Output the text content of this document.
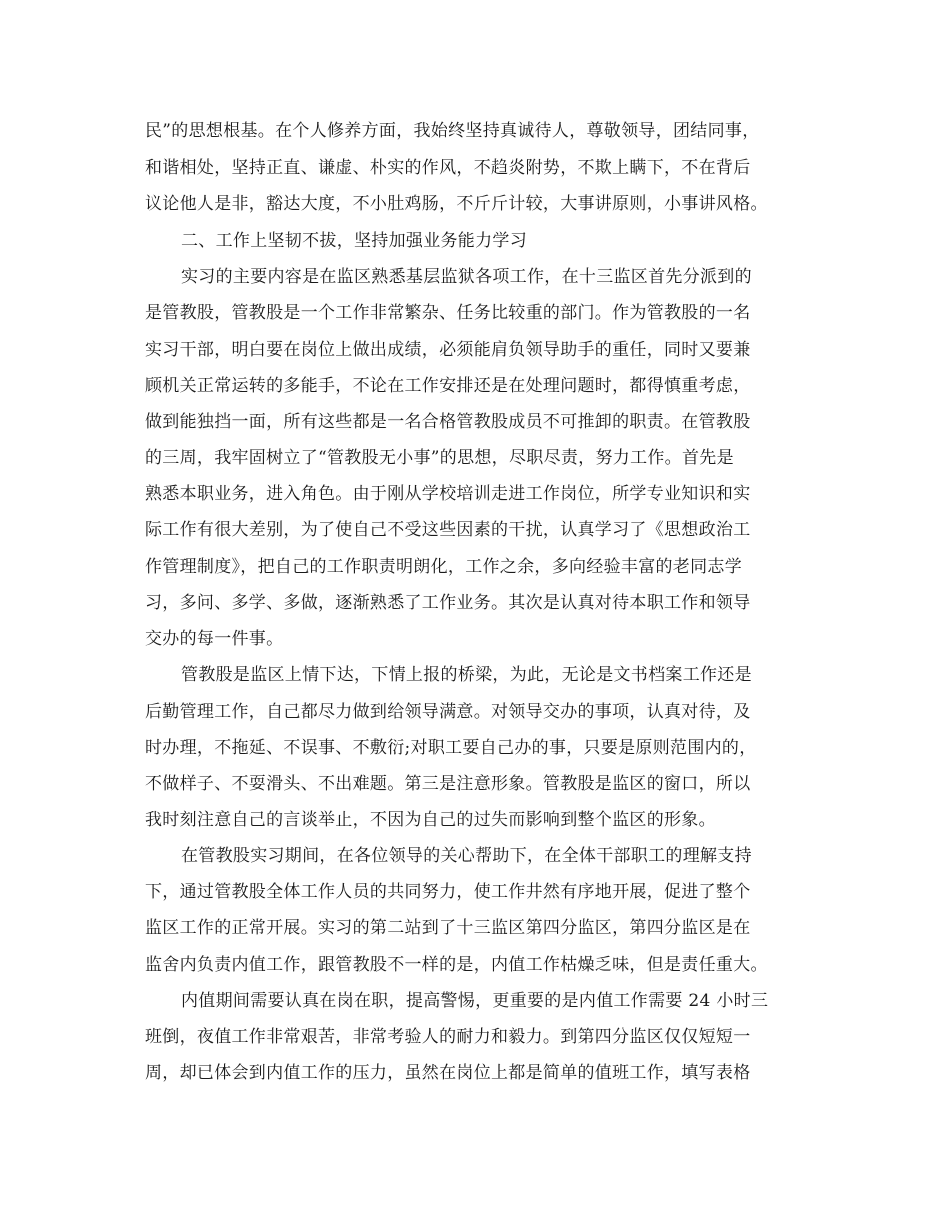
民”的思想根基。在个人修养方面，我始终坚持真诚待人，尊敬领导，团结同事，
和谐相处，坚持正直、谦虚、朴实的作风，不趋炎附势，不欺上瞒下，不在背后
议论他人是非，豁达大度，不小肚鸡肠，不斤斤计较，大事讲原则，小事讲风格。
二、工作上坚韧不拔，坚持加强业务能力学习
实习的主要内容是在监区熟悉基层监狱各项工作，在十三监区首先分派到的
是管教股，管教股是一个工作非常繁杂、任务比较重的部门。作为管教股的一名
实习干部，明白要在岗位上做出成绩，必须能肩负领导助手的重任，同时又要兼
顾机关正常运转的多能手，不论在工作安排还是在处理问题时，都得慎重考虑，
做到能独挡一面，所有这些都是一名合格管教股成员不可推卸的职责。在管教股
的三周，我牢固树立了“管教股无小事”的思想，尽职尽责，努力工作。首先是
熟悉本职业务，进入角色。由于刚从学校培训走进工作岗位，所学专业知识和实
际工作有很大差别，为了使自己不受这些因素的干扰，认真学习了《思想政治工
作管理制度》，把自己的工作职责明朗化，工作之余，多向经验丰富的老同志学
习，多问、多学、多做，逐渐熟悉了工作业务。其次是认真对待本职工作和领导
交办的每一件事。
管教股是监区上情下达，下情上报的桥梁，为此，无论是文书档案工作还是
后勤管理工作，自己都尽力做到给领导满意。对领导交办的事项，认真对待，及
时办理，不拖延、不误事、不敷衍;对职工要自己办的事，只要是原则范围内的，
不做样子、不耍滑头、不出难题。第三是注意形象。管教股是监区的窗口，所以
我时刻注意自己的言谈举止，不因为自己的过失而影响到整个监区的形象。
在管教股实习期间，在各位领导的关心帮助下，在全体干部职工的理解支持
下，通过管教股全体工作人员的共同努力，使工作井然有序地开展，促进了整个
监区工作的正常开展。实习的第二站到了十三监区第四分监区，第四分监区是在
监舍内负责内值工作，跟管教股不一样的是，内值工作枯燥乏味，但是责任重大。
内值期间需要认真在岗在职，提高警惕，更重要的是内值工作需要 24 小时三
班倒，夜值工作非常艰苦，非常考验人的耐力和毅力。到第四分监区仅仅短短一
周，却已体会到内值工作的压力，虽然在岗位上都是简单的值班工作，填写表格
